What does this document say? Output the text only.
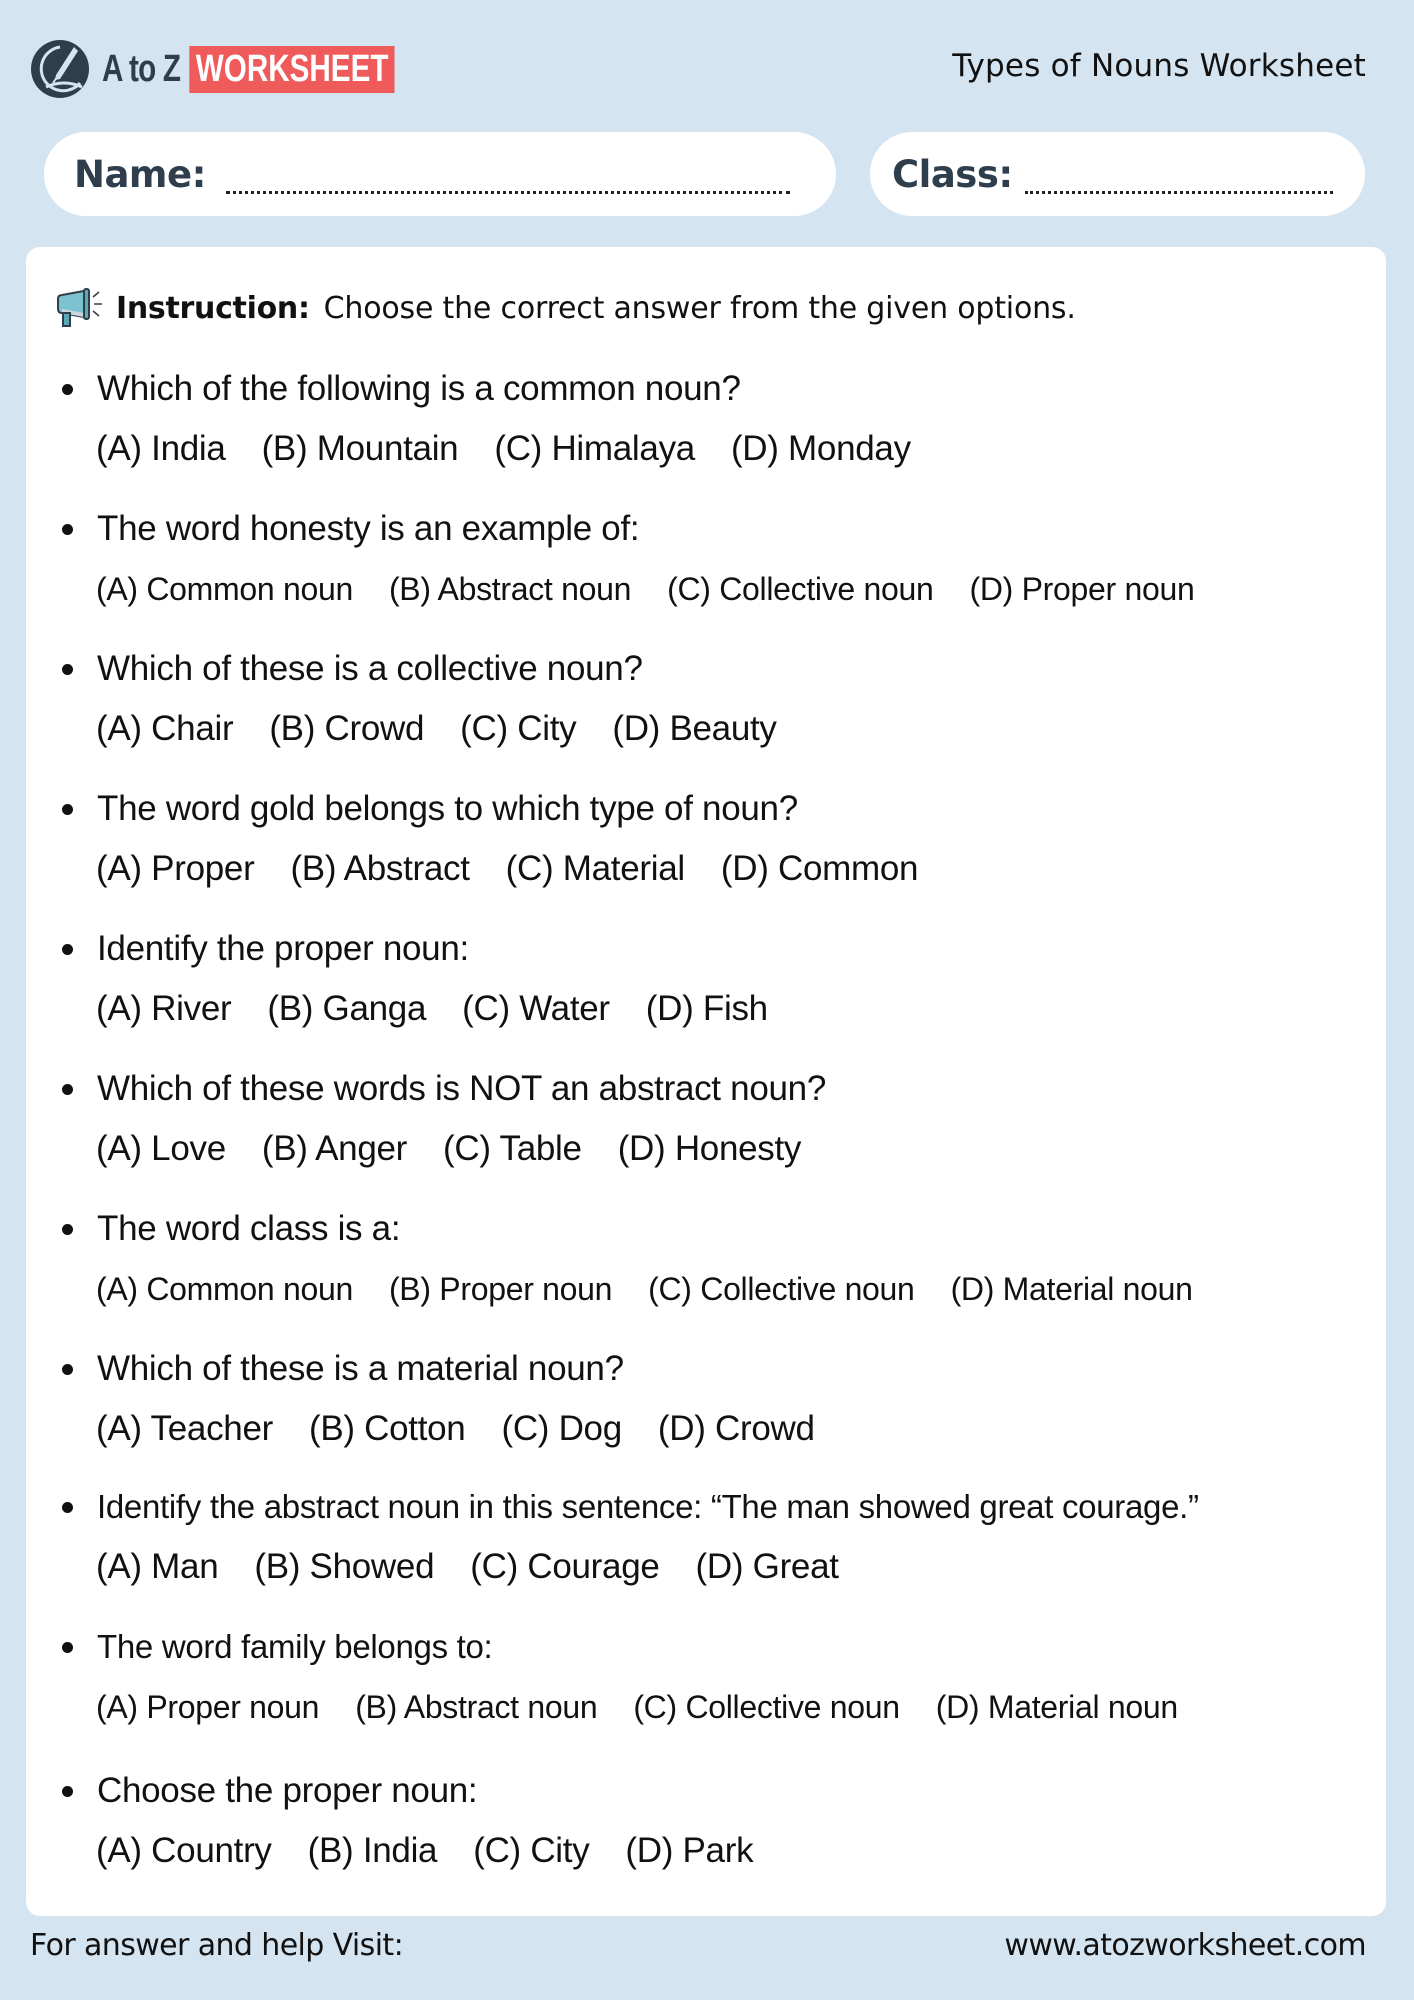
A to Z WORKSHEET	Types of Nouns Worksheet
Name:	Class:
Instruction: Choose the correct answer from the given options.
Which of the following is a common noun?
(A) India (B) Mountain (C) Himalaya (D) Monday
The word honesty is an example of:
(A) Common noun (B) Abstract noun (C) Collective noun (D) Proper noun
Which of these is a collective noun?
(A) Chair (B) Crowd (C) City (D) Beauty
The word gold belongs to which type of noun?
(A) Proper (B) Abstract (C) Material (D) Common
Identify the proper noun:
(A) River (B) Ganga (C) Water (D) Fish
Which of these words is NOT an abstract noun?
(A) Love (B) Anger (C) Table (D) Honesty
The word class is a:
(A) Common noun (B) Proper noun (C) Collective noun (D) Material noun
Which of these is a material noun?
(A) Teacher (B) Cotton (C) Dog (D) Crowd
Identify the abstract noun in this sentence: “The man showed great courage.”
(A) Man (B) Showed (C) Courage (D) Great
The word family belongs to:
(A) Proper noun (B) Abstract noun (C) Collective noun (D) Material noun
Choose the proper noun:
(A) Country (B) India (C) City (D) Park
For answer and help Visit:	www.atozworksheet.com
